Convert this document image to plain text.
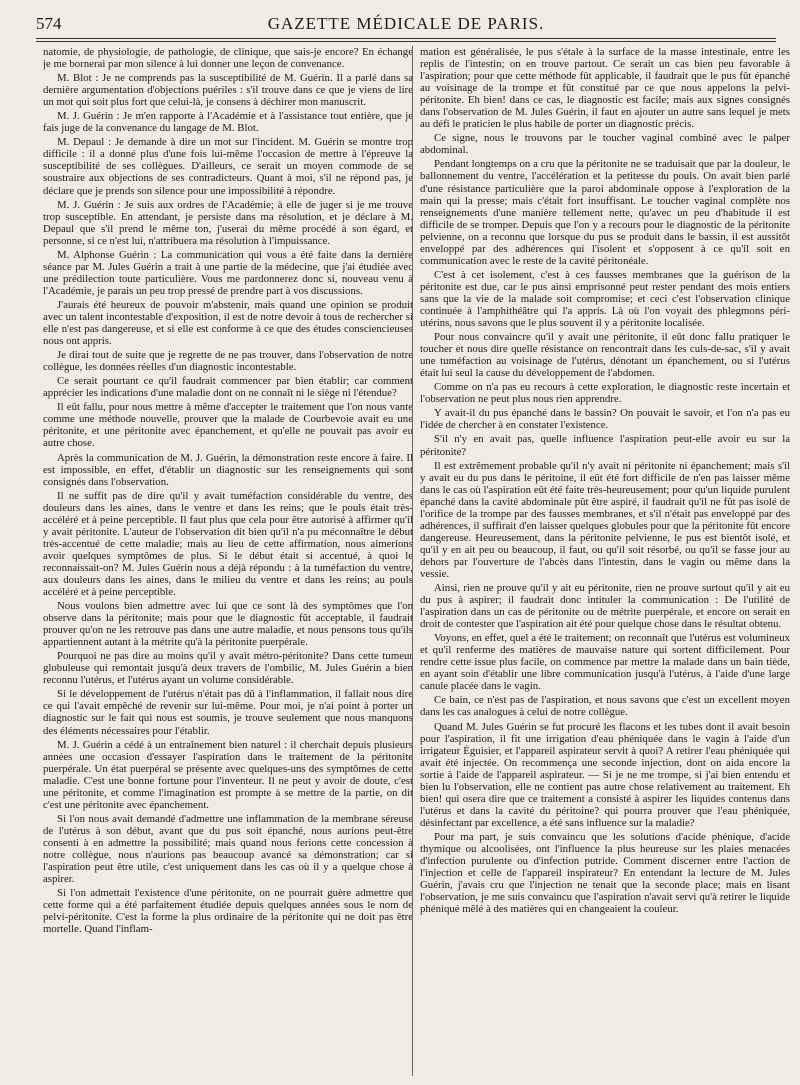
574	GAZETTE MÉDICALE DE PARIS.

natomie, de physiologie, de pathologie, de clinique, que sais-je encore? En échange je me bornerai par mon silence à lui donner une leçon de convenance.

M. Blot : Je ne comprends pas la susceptibilité de M. Guérin. Il a parlé dans sa dernière argumentation d'objections puériles : s'il trouve dans ce que je viens de lire un mot qui soit plus fort que celui-là, je consens à déchirer mon manuscrit.

M. J. Guérin : Je m'en rapporte à l'Académie et à l'assistance tout entière, que je fais juge de la convenance du langage de M. Blot.

M. Depaul : Je demande à dire un mot sur l'incident. M. Guérin se montre trop difficile : il a donné plus d'une fois lui-même l'occasion de mettre à l'épreuve la susceptibilité de ses collègues. D'ailleurs, ce serait un moyen commode de se soustraire aux objections de ses contradicteurs. Quant à moi, s'il ne répond pas, je déclare que je prends son silence pour une impossibilité à répondre.

M. J. Guérin : Je suis aux ordres de l'Académie; à elle de juger si je me trouve trop susceptible. En attendant, je persiste dans ma résolution, et je déclare à M. Depaul que s'il prend le même ton, j'userai du même procédé à son égard, et personne, si ce n'est lui, n'attribuera ma résolution à l'impuissance.

M. Alphonse Guérin : La communication qui vous a été faite dans la dernière séance par M. Jules Guérin a trait à une partie de la médecine, que j'ai étudiée avec une prédilection toute particulière. Vous me pardonnerez donc si, nouveau venu à l'Académie, je parais un peu trop pressé de prendre part à vos discussions.

J'aurais été heureux de pouvoir m'abstenir, mais quand une opinion se produit avec un talent incontestable d'exposition, il est de notre devoir à tous de rechercher si elle n'est pas dangereuse, et si elle est conforme à ce que des études consciencieuses nous ont appris.

Je dirai tout de suite que je regrette de ne pas trouver, dans l'observation de notre collègue, les données réelles d'un diagnostic incontestable.

Ce serait pourtant ce qu'il faudrait commencer par bien établir; car comment apprécier les indications d'une maladie dont on ne connaît ni le siège ni l'étendue?

Il eût fallu, pour nous mettre à même d'accepter le traitement que l'on nous vante comme une méthode nouvelle, prouver que la malade de Courbevoie avait eu une péritonite, et une péritonite avec épanchement, et qu'elle ne pouvait pas avoir eu autre chose.

Après la communication de M. J. Guérin, la démonstration reste encore à faire. Il est impossible, en effet, d'établir un diagnostic sur les renseignements qui sont consignés dans l'observation.

Il ne suffit pas de dire qu'il y avait tuméfaction considérable du ventre, des douleurs dans les aines, dans le ventre et dans les reins; que le pouls était très-accéléré et à peine perceptible. Il faut plus que cela pour être autorisé à affirmer qu'il y avait péritonite. L'auteur de l'observation dit bien qu'il n'a pu méconnaître le début très-accentué de cette maladie; mais au lieu de cette affirmation, nous aimerions avoir quelques symptômes de plus. Si le début était si accentué, à quoi le reconnaissait-on? M. Jules Guérin nous a déjà répondu : à la tuméfaction du ventre, aux douleurs dans les aines, dans le milieu du ventre et dans les reins; au pouls accéléré et à peine perceptible.

Nous voulons bien admettre avec lui que ce sont là des symptômes que l'on observe dans la péritonite; mais pour que le diagnostic fût acceptable, il faudrait prouver qu'on ne les retrouve pas dans une autre maladie, et nous pensons tous qu'ils appartiennent autant à la métrite qu'à la péritonite puerpérale.

Pourquoi ne pas dire au moins qu'il y avait métro-péritonite? Dans cette tumeur globuleuse qui remontait jusqu'à deux travers de l'ombilic, M. Jules Guérin a bien reconnu l'utérus, et l'utérus ayant un volume considérable.

Si le développement de l'utérus n'était pas dû à l'inflammation, il fallait nous dire ce qui l'avait empêché de revenir sur lui-même. Pour moi, je n'ai point à porter un diagnostic sur le fait qui nous est soumis, je trouve seulement que nous manquons des éléments nécessaires pour l'établir.

M. J. Guérin a cédé à un entraînement bien naturel : il cherchait depuis plusieurs années une occasion d'essayer l'aspiration dans le traitement de la péritonite puerpérale. Un état puerpéral se présente avec quelques-uns des symptômes de cette maladie. C'est une bonne fortune pour l'inventeur. Il ne peut y avoir de doute, c'est une péritonite, et comme l'imagination est prompte à se mettre de la partie, on dit c'est une péritonite avec épanchement.

Si l'on nous avait demandé d'admettre une inflammation de la membrane séreuse de l'utérus à son début, avant que du pus soit épanché, nous aurions peut-être consenti à en admettre la possibilité; mais quand nous ferions cette concession à notre collègue, nous n'aurions pas beaucoup avancé sa démonstration; car si l'aspiration peut être utile, c'est uniquement dans les cas où il y a quelque chose à aspirer.

Si l'on admettait l'existence d'une péritonite, on ne pourrait guère admettre que cette forme qui a été parfaitement étudiée depuis quelques années sous le nom de pelvi-péritonite. C'est la forme la plus ordinaire de la péritonite qui ne doit pas être mortelle. Quand l'inflam-

mation est généralisée, le pus s'étale à la surface de la masse intestinale, entre les replis de l'intestin; on en trouve partout. Ce serait un cas bien peu favorable à l'aspiration; pour que cette méthode fût applicable, il faudrait que le pus fût épanché au voisinage de la trompe et fût constitué par ce que nous appelons la pelvi-péritonite. Eh bien! dans ce cas, le diagnostic est facile; mais aux signes consignés dans l'observation de M. Jules Guérin, il faut en ajouter un autre sans lequel je mets au défi le praticien le plus habile de porter un diagnostic précis.

Ce signe, nous le trouvons par le toucher vaginal combiné avec le palper abdominal.

Pendant longtemps on a cru que la péritonite ne se traduisait que par la douleur, le ballonnement du ventre, l'accélération et la petitesse du pouls. On avait bien parlé d'une résistance particulière que la paroi abdominale oppose à l'exploration de la main qui la presse; mais c'était fort insuffisant. Le toucher vaginal complète nos renseignements d'une manière tellement nette, qu'avec un peu d'habitude il est difficile de se tromper. Depuis que l'on y a recours pour le diagnostic de la péritonite pelvienne, on a reconnu que lorsque du pus se produit dans le bassin, il est aussitôt enveloppé par des adhérences qui l'isolent et s'opposent à ce qu'il soit en communication avec le reste de la cavité péritonéale.

C'est à cet isolement, c'est à ces fausses membranes que la guérison de la péritonite est due, car le pus ainsi emprisonné peut rester pendant des mois entiers sans que la vie de la malade soit compromise; et ceci c'est l'observation clinique continuée à l'amphithéâtre qui l'a appris. Là où l'on voyait des phlegmons péri-utérins, nous savons que le plus souvent il y a péritonite localisée.

Pour nous convaincre qu'il y avait une péritonite, il eût donc fallu pratiquer le toucher et nous dire quelle résistance on rencontrait dans les culs-de-sac, s'il y avait une tuméfaction au voisinage de l'utérus, dénotant un épanchement, ou si l'utérus était lui seul la cause du développement de l'abdomen.

Comme on n'a pas eu recours à cette exploration, le diagnostic reste incertain et l'observation ne peut plus nous rien apprendre.

Y avait-il du pus épanché dans le bassin? On pouvait le savoir, et l'on n'a pas eu l'idée de chercher à en constater l'existence.

S'il n'y en avait pas, quelle influence l'aspiration peut-elle avoir eu sur la péritonite?

Il est extrêmement probable qu'il n'y avait ni péritonite ni épanchement; mais s'il y avait eu du pus dans le péritoine, il eût été fort difficile de n'en pas laisser même dans le cas où l'aspiration eût été faite très-heureusement; pour qu'un liquide purulent épanché dans la cavité abdominale pût être aspiré, il faudrait qu'il ne fût pas isolé de l'orifice de la trompe par des fausses membranes, et s'il n'était pas enveloppé par des adhérences, il suffirait d'en laisser quelques globules pour que la péritonite fût encore dangereuse. Heureusement, dans la péritonite pelvienne, le pus est bientôt isolé, et qu'il y en ait peu ou beaucoup, il faut, ou qu'il soit résorbé, ou qu'il se fasse jour au dehors par l'ouverture de l'abcès dans l'intestin, dans le vagin ou même dans la vessie.

Ainsi, rien ne prouve qu'il y ait eu péritonite, rien ne prouve surtout qu'il y ait eu du pus à aspirer; il faudrait donc intituler la communication : De l'utilité de l'aspiration dans un cas de péritonite ou de métrite puerpérale, et encore on serait en droit de contester que l'aspiration ait été pour quelque chose dans le résultat obtenu.

Voyons, en effet, quel a été le traitement; on reconnaît que l'utérus est volumineux et qu'il renferme des matières de mauvaise nature qui sortent difficilement. Pour rendre cette issue plus facile, on commence par mettre la malade dans un bain tiède, en ayant soin d'établir une libre communication jusqu'à l'utérus, à l'aide d'une large canule placée dans le vagin.

Ce bain, ce n'est pas de l'aspiration, et nous savons que c'est un excellent moyen dans les cas analogues à celui de notre collègue.

Quand M. Jules Guérin se fut procuré les flacons et les tubes dont il avait besoin pour l'aspiration, il fit une irrigation d'eau phéniquée dans le vagin à l'aide d'un irrigateur Éguisier, et l'appareil aspirateur servit à quoi? A retirer l'eau phéniquée qui avait été injectée. On recommença une seconde injection, dont on aida encore la sortie à l'aide de l'appareil aspirateur. — Si je ne me trompe, si j'ai bien entendu et bien lu l'observation, elle ne contient pas autre chose relativement au traitement. Eh bien! qui osera dire que ce traitement a consisté à aspirer les liquides contenus dans l'utérus et dans la cavité du péritoine? qui pourra prouver que l'eau phéniquée, désinfectant par excellence, a été sans influence sur la maladie?

Pour ma part, je suis convaincu que les solutions d'acide phénique, d'acide thymique ou alcoolisées, ont l'influence la plus heureuse sur les plaies menacées d'infection purulente ou d'infection putride. Comment discerner entre l'action de l'injection et celle de l'appareil inspirateur? En entendant la lecture de M. Jules Guérin, j'avais cru que l'injection ne tenait que la seconde place; mais en lisant l'observation, je me suis convaincu que l'aspiration n'avait servi qu'à retirer le liquide phéniqué mêlé à des matières qui en changeaient la couleur.
